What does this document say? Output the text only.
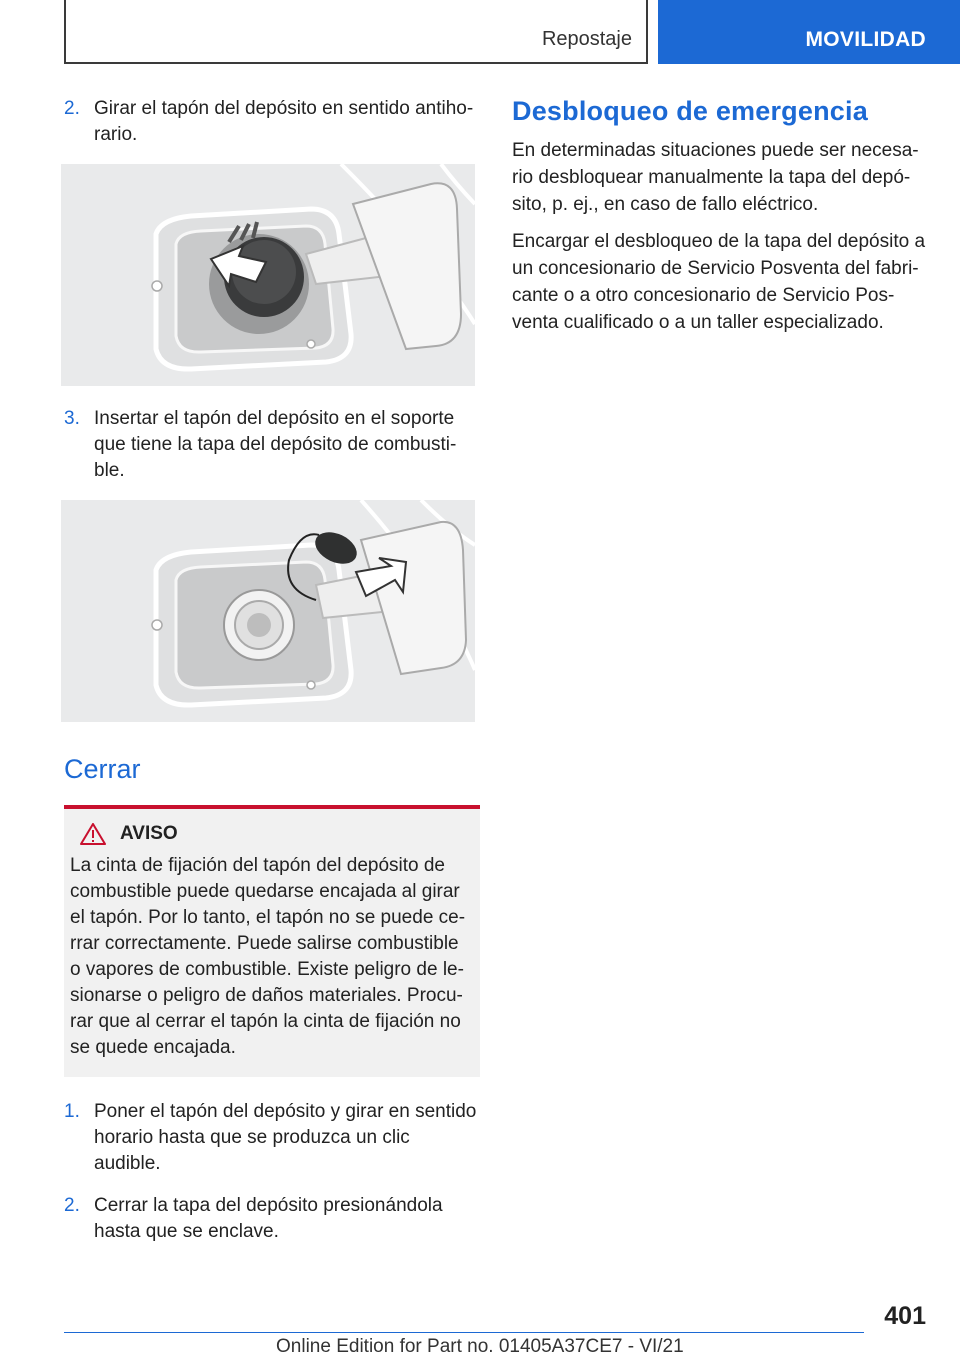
Repostaje	MOVILIDAD
2. Girar el tapón del depósito en sentido antiho- rario.
3. Insertar el tapón del depósito en el soporte que tiene la tapa del depósito de combusti- ble.
Cerrar
AVISO
La cinta de fijación del tapón del depósito de combustible puede quedarse encajada al girar el tapón. Por lo tanto, el tapón no se puede ce- rrar correctamente. Puede salirse combustible o vapores de combustible. Existe peligro de le- sionarse o peligro de daños materiales. Procu- rar que al cerrar el tapón la cinta de fijación no se quede encajada.
1. Poner el tapón del depósito y girar en sentido horario hasta que se produzca un clic audible.
2. Cerrar la tapa del depósito presionándola hasta que se enclave.
Desbloqueo de emergencia

En determinadas situaciones puede ser necesa- rio desbloquear manualmente la tapa del depó- sito, p. ej., en caso de fallo eléctrico.

Encargar el desbloqueo de la tapa del depósito a un concesionario de Servicio Posventa del fabri- cante o a otro concesionario de Servicio Pos- venta cualificado o a un taller especializado.

401
Online Edition for Part no. 01405A37CE7 - VI/21
